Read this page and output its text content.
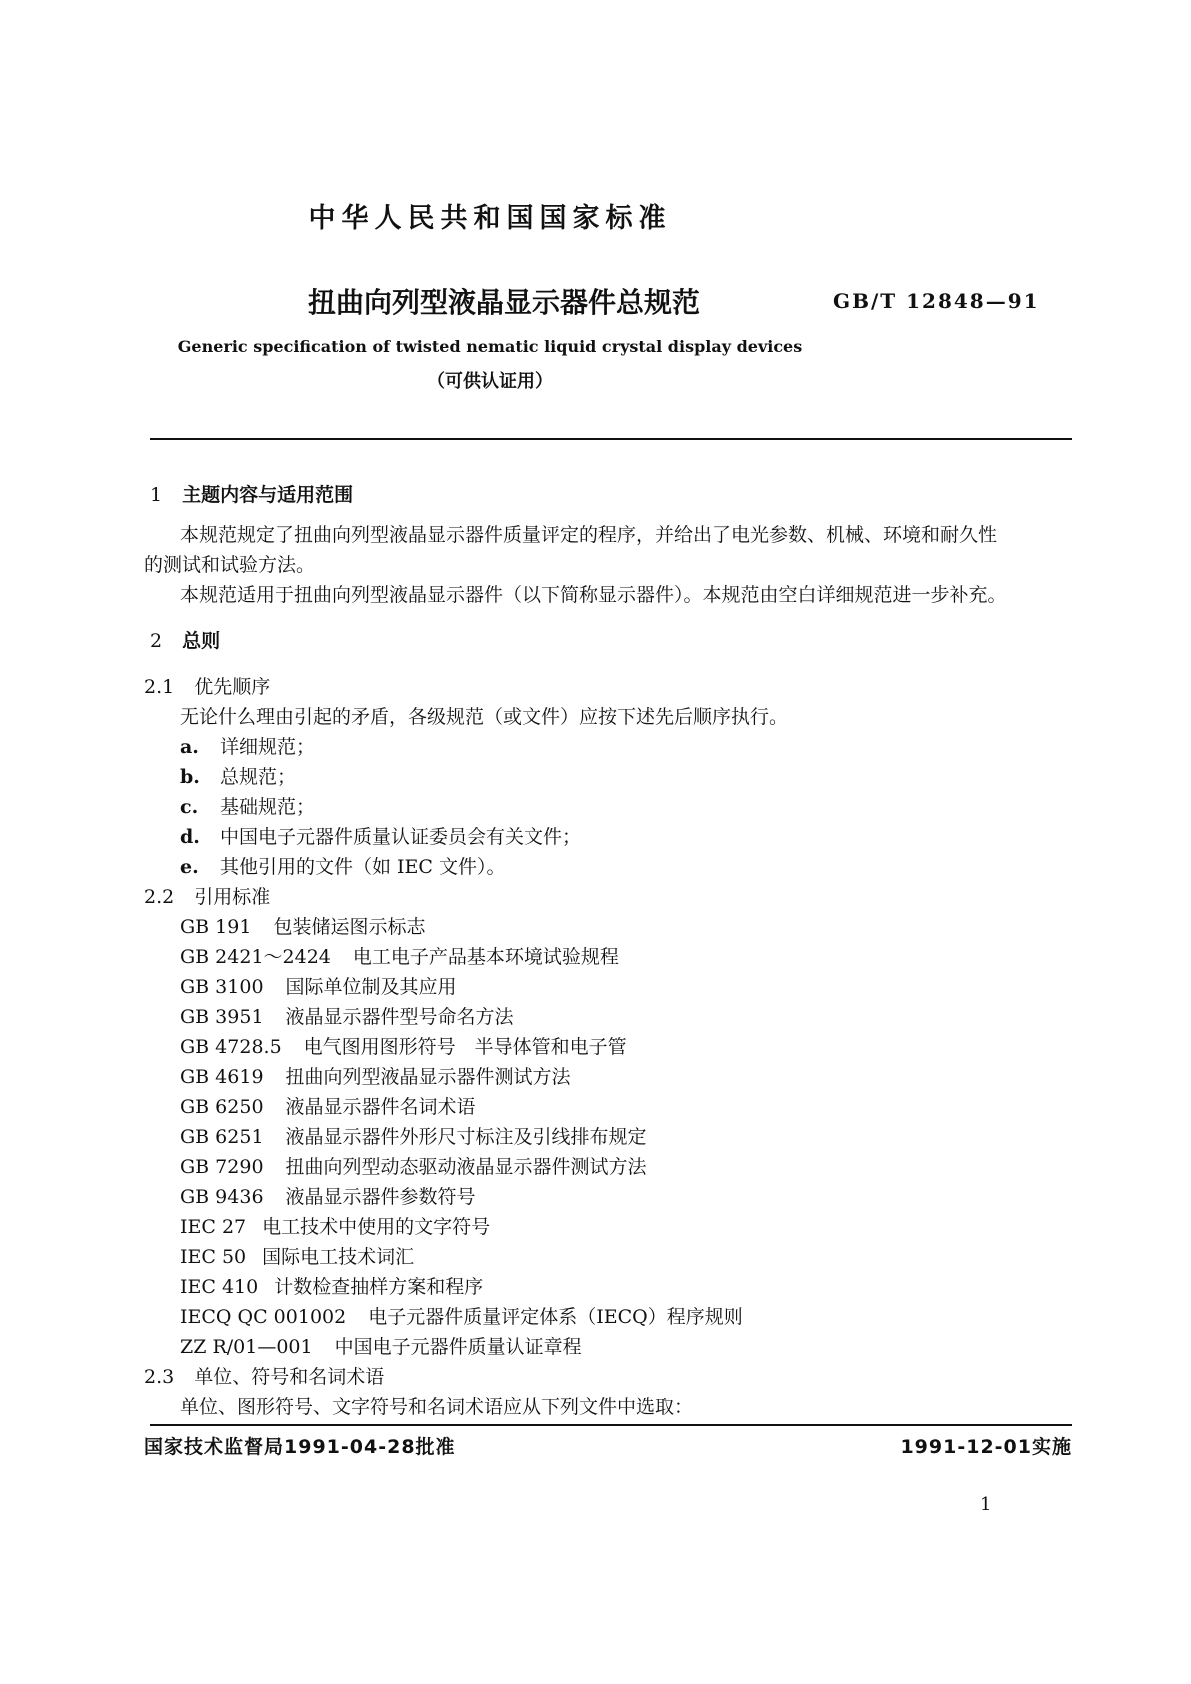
中华人民共和国国家标准
扭曲向列型液晶显示器件总规范	GB/T 12848—91
Generic specification of twisted nematic liquid crystal display devices
（可供认证用）
1 主题内容与适用范围
本规范规定了扭曲向列型液晶显示器件质量评定的程序，并给出了电光参数、机械、环境和耐久性
的测试和试验方法。
本规范适用于扭曲向列型液晶显示器件（以下简称显示器件）。本规范由空白详细规范进一步补充。
2 总则
2.1 优先顺序
无论什么理由引起的矛盾，各级规范（或文件）应按下述先后顺序执行。
a. 详细规范；
b. 总规范；
c. 基础规范；
d. 中国电子元器件质量认证委员会有关文件；
e. 其他引用的文件（如 IEC 文件）。
2.2 引用标准
GB 191 包装储运图示标志
GB 2421～2424 电工电子产品基本环境试验规程
GB 3100 国际单位制及其应用
GB 3951 液晶显示器件型号命名方法
GB 4728.5 电气图用图形符号　半导体管和电子管
GB 4619 扭曲向列型液晶显示器件测试方法
GB 6250 液晶显示器件名词术语
GB 6251 液晶显示器件外形尺寸标注及引线排布规定
GB 7290 扭曲向列型动态驱动液晶显示器件测试方法
GB 9436 液晶显示器件参数符号
IEC 27 电工技术中使用的文字符号
IEC 50 国际电工技术词汇
IEC 410 计数检查抽样方案和程序
IECQ QC 001002 电子元器件质量评定体系（IECQ）程序规则
ZZ R/01—001 中国电子元器件质量认证章程
2.3 单位、符号和名词术语
单位、图形符号、文字符号和名词术语应从下列文件中选取：
国家技术监督局1991-04-28批准	1991-12-01实施
1
